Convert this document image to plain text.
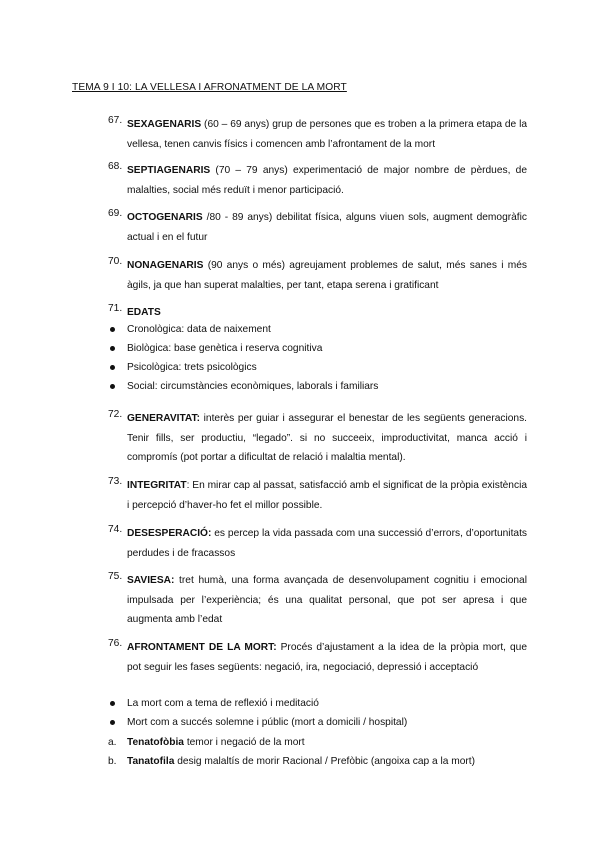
TEMA 9 I 10: LA VELLESA I AFRONATMENT DE LA MORT
67. SEXAGENARIS (60 – 69 anys) grup de persones que es troben a la primera etapa de la vellesa, tenen canvis físics i comencen amb l’afrontament de la mort
68. SEPTIAGENARIS (70 – 79 anys) experimentació de major nombre de pèrdues, de malalties, social més reduït i menor participació.
69. OCTOGENARIS /80 - 89 anys) debilitat física, alguns viuen sols, augment demogràfic actual i en el futur
70. NONAGENARIS (90 anys o més) agreujament problemes de salut, més sanes i més àgils, ja que han superat malalties, per tant, etapa serena i gratificant
71. EDATS
Cronològica: data de naixement
Biològica: base genètica i reserva cognitiva
Psicològica: trets psicològics
Social: circumstàncies econòmiques, laborals i familiars
72. GENERAVITAT: interès per guiar i assegurar el benestar de les següents generacions. Tenir fills, ser productiu, “legado”. si no succeeix, improductivitat, manca acció i compromís (pot portar a dificultat de relació i malaltia mental).
73. INTEGRITAT: En mirar cap al passat, satisfacció amb el significat de la pròpia existència i percepció d’haver-ho fet el millor possible.
74. DESESPERACIÓ: es percep la vida passada com una successió d’errors, d’oportunitats perdudes i de fracassos
75. SAVIESA: tret humà, una forma avançada de desenvolupament cognitiu i emocional impulsada per l’experiència; és una qualitat personal, que pot ser apresa i que augmenta amb l’edat
76. AFRONTAMENT DE LA MORT: Procés d’ajustament a la idea de la pròpia mort, que pot seguir les fases següents: negació, ira, negociació, depressió i acceptació
La mort com a tema de reflexió i meditació
Mort com a succés solemne i públic (mort a domicili / hospital)
a. Tenatofòbia temor i negació de la mort
b. Tanatofila desig malaltís de morir Racional / Prefòbic (angoixa cap a la mort)
